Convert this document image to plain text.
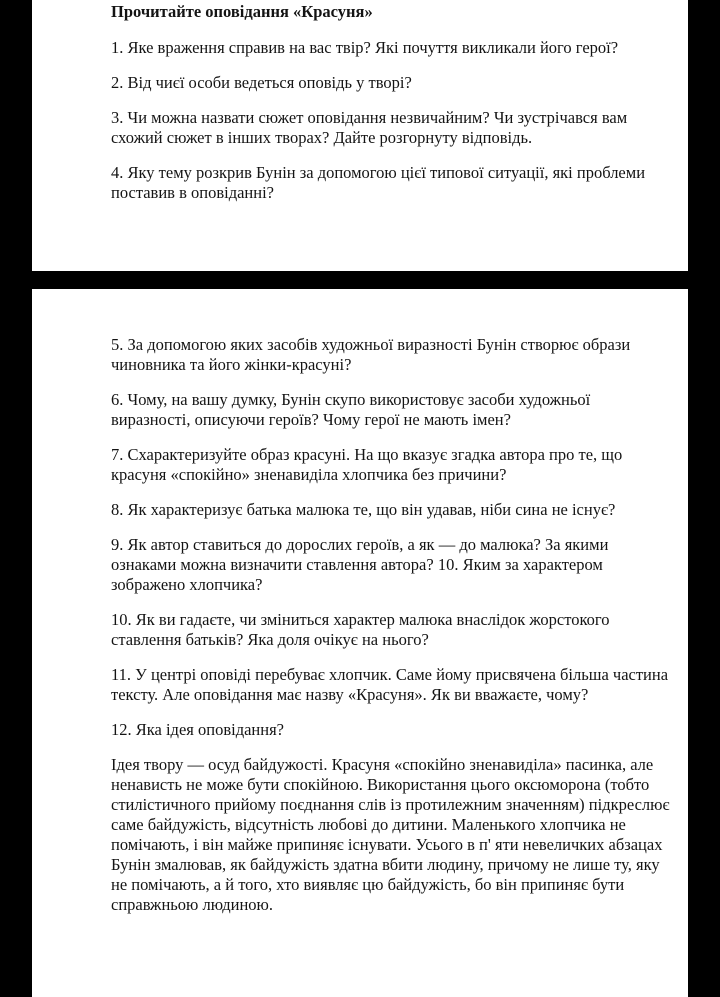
Прочитайте оповідання «Красуня»

1. Яке враження справив на вас твір? Які почуття викликали його герої?

2. Від чиєї особи ведеться оповідь у творі?

3. Чи можна назвати сюжет оповідання незвичайним? Чи зустрічався вам схожий сюжет в інших творах? Дайте розгорнуту відповідь.

4. Яку тему розкрив Бунін за допомогою цієї типової ситуації, які проблеми поставив в оповіданні?

5. За допомогою яких засобів художньої виразності Бунін створює образи чиновника та його жінки-красуні?

6. Чому, на вашу думку, Бунін скупо використовує засоби художньої виразності, описуючи героїв? Чому герої не мають імен?

7. Схарактеризуйте образ красуні. На що вказує згадка автора про те, що красуня «спокійно» зненавиділа хлопчика без причини?

8. Як характеризує батька малюка те, що він удавав, ніби сина не існує?

9. Як автор ставиться до дорослих героїв, а як — до малюка? За якими ознаками можна визначити ставлення автора? 10. Яким за характером зображено хлопчика?

10. Як ви гадаєте, чи зміниться характер малюка внаслідок жорстокого ставлення батьків? Яка доля очікує на нього?

11. У центрі оповіді перебуває хлопчик. Саме йому присвячена більша частина тексту. Але оповідання має назву «Красуня». Як ви вважаєте, чому?

12. Яка ідея оповідання?

Ідея твору — осуд байдужості. Красуня «спокійно зненавиділа» пасинка, але ненависть не може бути спокійною. Використання цього оксюморона (тобто стилістичного прийому поєднання слів із протилежним значенням) підкреслює саме байдужість, відсутність любові до дитини. Маленького хлопчика не помічають, і він майже припиняє існувати. Усього в п' яти невеличких абзацах Бунін змалював, як байдужість здатна вбити людину, причому не лише ту, яку не помічають, а й того, хто виявляє цю байдужість, бо він припиняє бути справжньою людиною.
